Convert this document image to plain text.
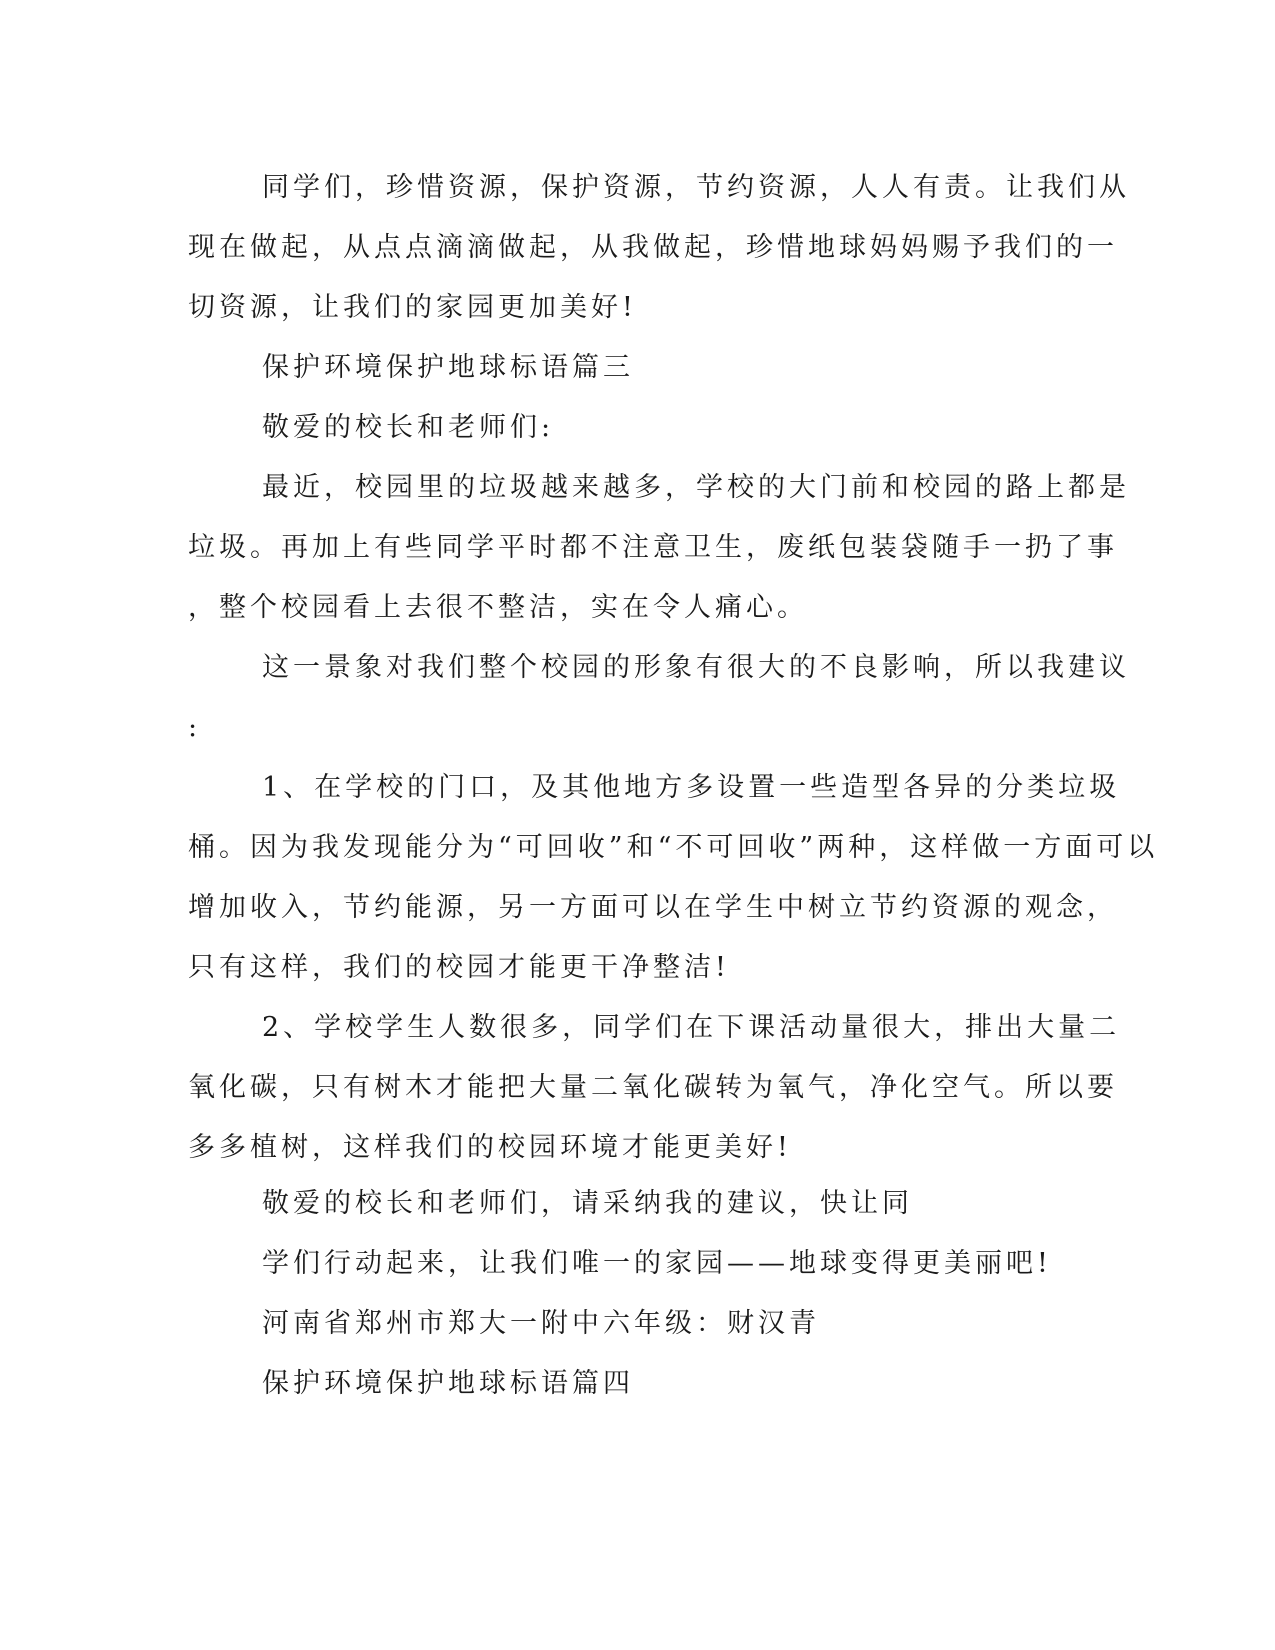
同学们，珍惜资源，保护资源，节约资源，人人有责。让我们从
现在做起，从点点滴滴做起，从我做起，珍惜地球妈妈赐予我们的一
切资源，让我们的家园更加美好!
保护环境保护地球标语篇三
敬爱的校长和老师们:
最近，校园里的垃圾越来越多，学校的大门前和校园的路上都是
垃圾。再加上有些同学平时都不注意卫生，废纸包装袋随手一扔了事
，整个校园看上去很不整洁，实在令人痛心。
这一景象对我们整个校园的形象有很大的不良影响，所以我建议
:
1、在学校的门口，及其他地方多设置一些造型各异的分类垃圾
桶。因为我发现能分为“可回收”和“不可回收”两种，这样做一方面可以
增加收入，节约能源，另一方面可以在学生中树立节约资源的观念，
只有这样，我们的校园才能更干净整洁!
2、学校学生人数很多，同学们在下课活动量很大，排出大量二
氧化碳，只有树木才能把大量二氧化碳转为氧气，净化空气。所以要
多多植树，这样我们的校园环境才能更美好!
敬爱的校长和老师们，请采纳我的建议，快让同
学们行动起来，让我们唯一的家园——地球变得更美丽吧!
河南省郑州市郑大一附中六年级：财汉青
保护环境保护地球标语篇四
